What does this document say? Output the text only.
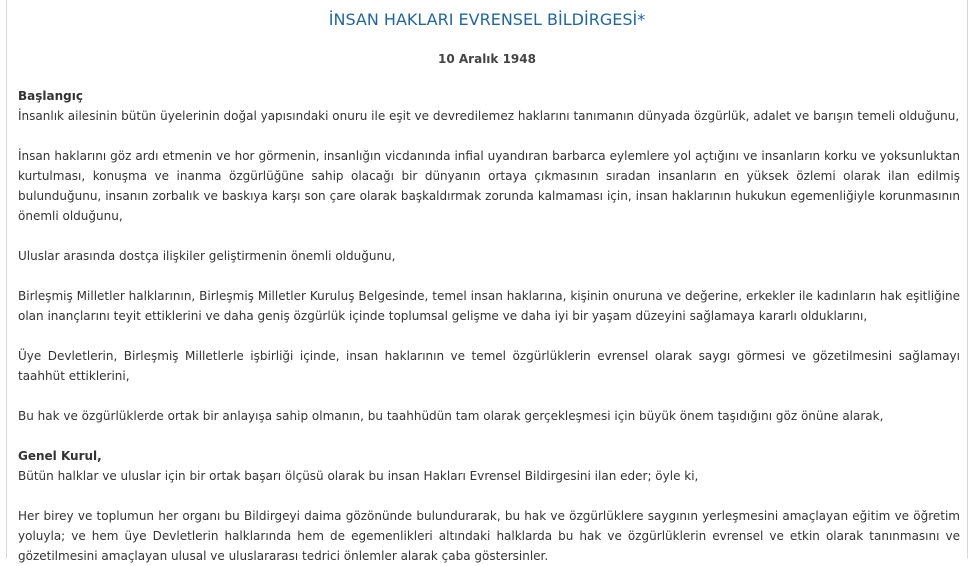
İNSAN HAKLARI EVRENSEL BİLDİRGESİ*
10 Aralık 1948

Başlangıç
İnsanlık ailesinin bütün üyelerinin doğal yapısındaki onuru ile eşit ve devredilemez haklarını tanımanın dünyada özgürlük, adalet ve barışın temeli olduğunu,

İnsan haklarını göz ardı etmenin ve hor görmenin, insanlığın vicdanında infial uyandıran barbarca eylemlere yol açtığını ve insanların korku ve yoksunluktan kurtulması, konuşma ve inanma özgürlüğüne sahip olacağı bir dünyanın ortaya çıkmasının sıradan insanların en yüksek özlemi olarak ilan edilmiş bulunduğunu, insanın zorbalık ve baskıya karşı son çare olarak başkaldırmak zorunda kalmaması için, insan haklarının hukukun egemenliğiyle korunmasının önemli olduğunu,

Uluslar arasında dostça ilişkiler geliştirmenin önemli olduğunu,

Birleşmiş Milletler halklarının, Birleşmiş Milletler Kuruluş Belgesinde, temel insan haklarına, kişinin onuruna ve değerine, erkekler ile kadınların hak eşitliğine olan inançlarını teyit ettiklerini ve daha geniş özgürlük içinde toplumsal gelişme ve daha iyi bir yaşam düzeyini sağlamaya kararlı olduklarını,

Üye Devletlerin, Birleşmiş Milletlerle işbirliği içinde, insan haklarının ve temel özgürlüklerin evrensel olarak saygı görmesi ve gözetilmesini sağlamayı taahhüt ettiklerini,

Bu hak ve özgürlüklerde ortak bir anlayışa sahip olmanın, bu taahhüdün tam olarak gerçekleşmesi için büyük önem taşıdığını göz önüne alarak,

Genel Kurul,
Bütün halklar ve uluslar için bir ortak başarı ölçüsü olarak bu insan Hakları Evrensel Bildirgesini ilan eder; öyle ki,

Her birey ve toplumun her organı bu Bildirgeyi daima gözönünde bulundurarak, bu hak ve özgürlüklere saygının yerleşmesini amaçlayan eğitim ve öğretim yoluyla; ve hem üye Devletlerin halklarında hem de egemenlikleri altındaki halklarda bu hak ve özgürlüklerin evrensel ve etkin olarak tanınmasını ve gözetilmesini amaçlayan ulusal ve uluslararası tedrici önlemler alarak çaba göstersinler.
